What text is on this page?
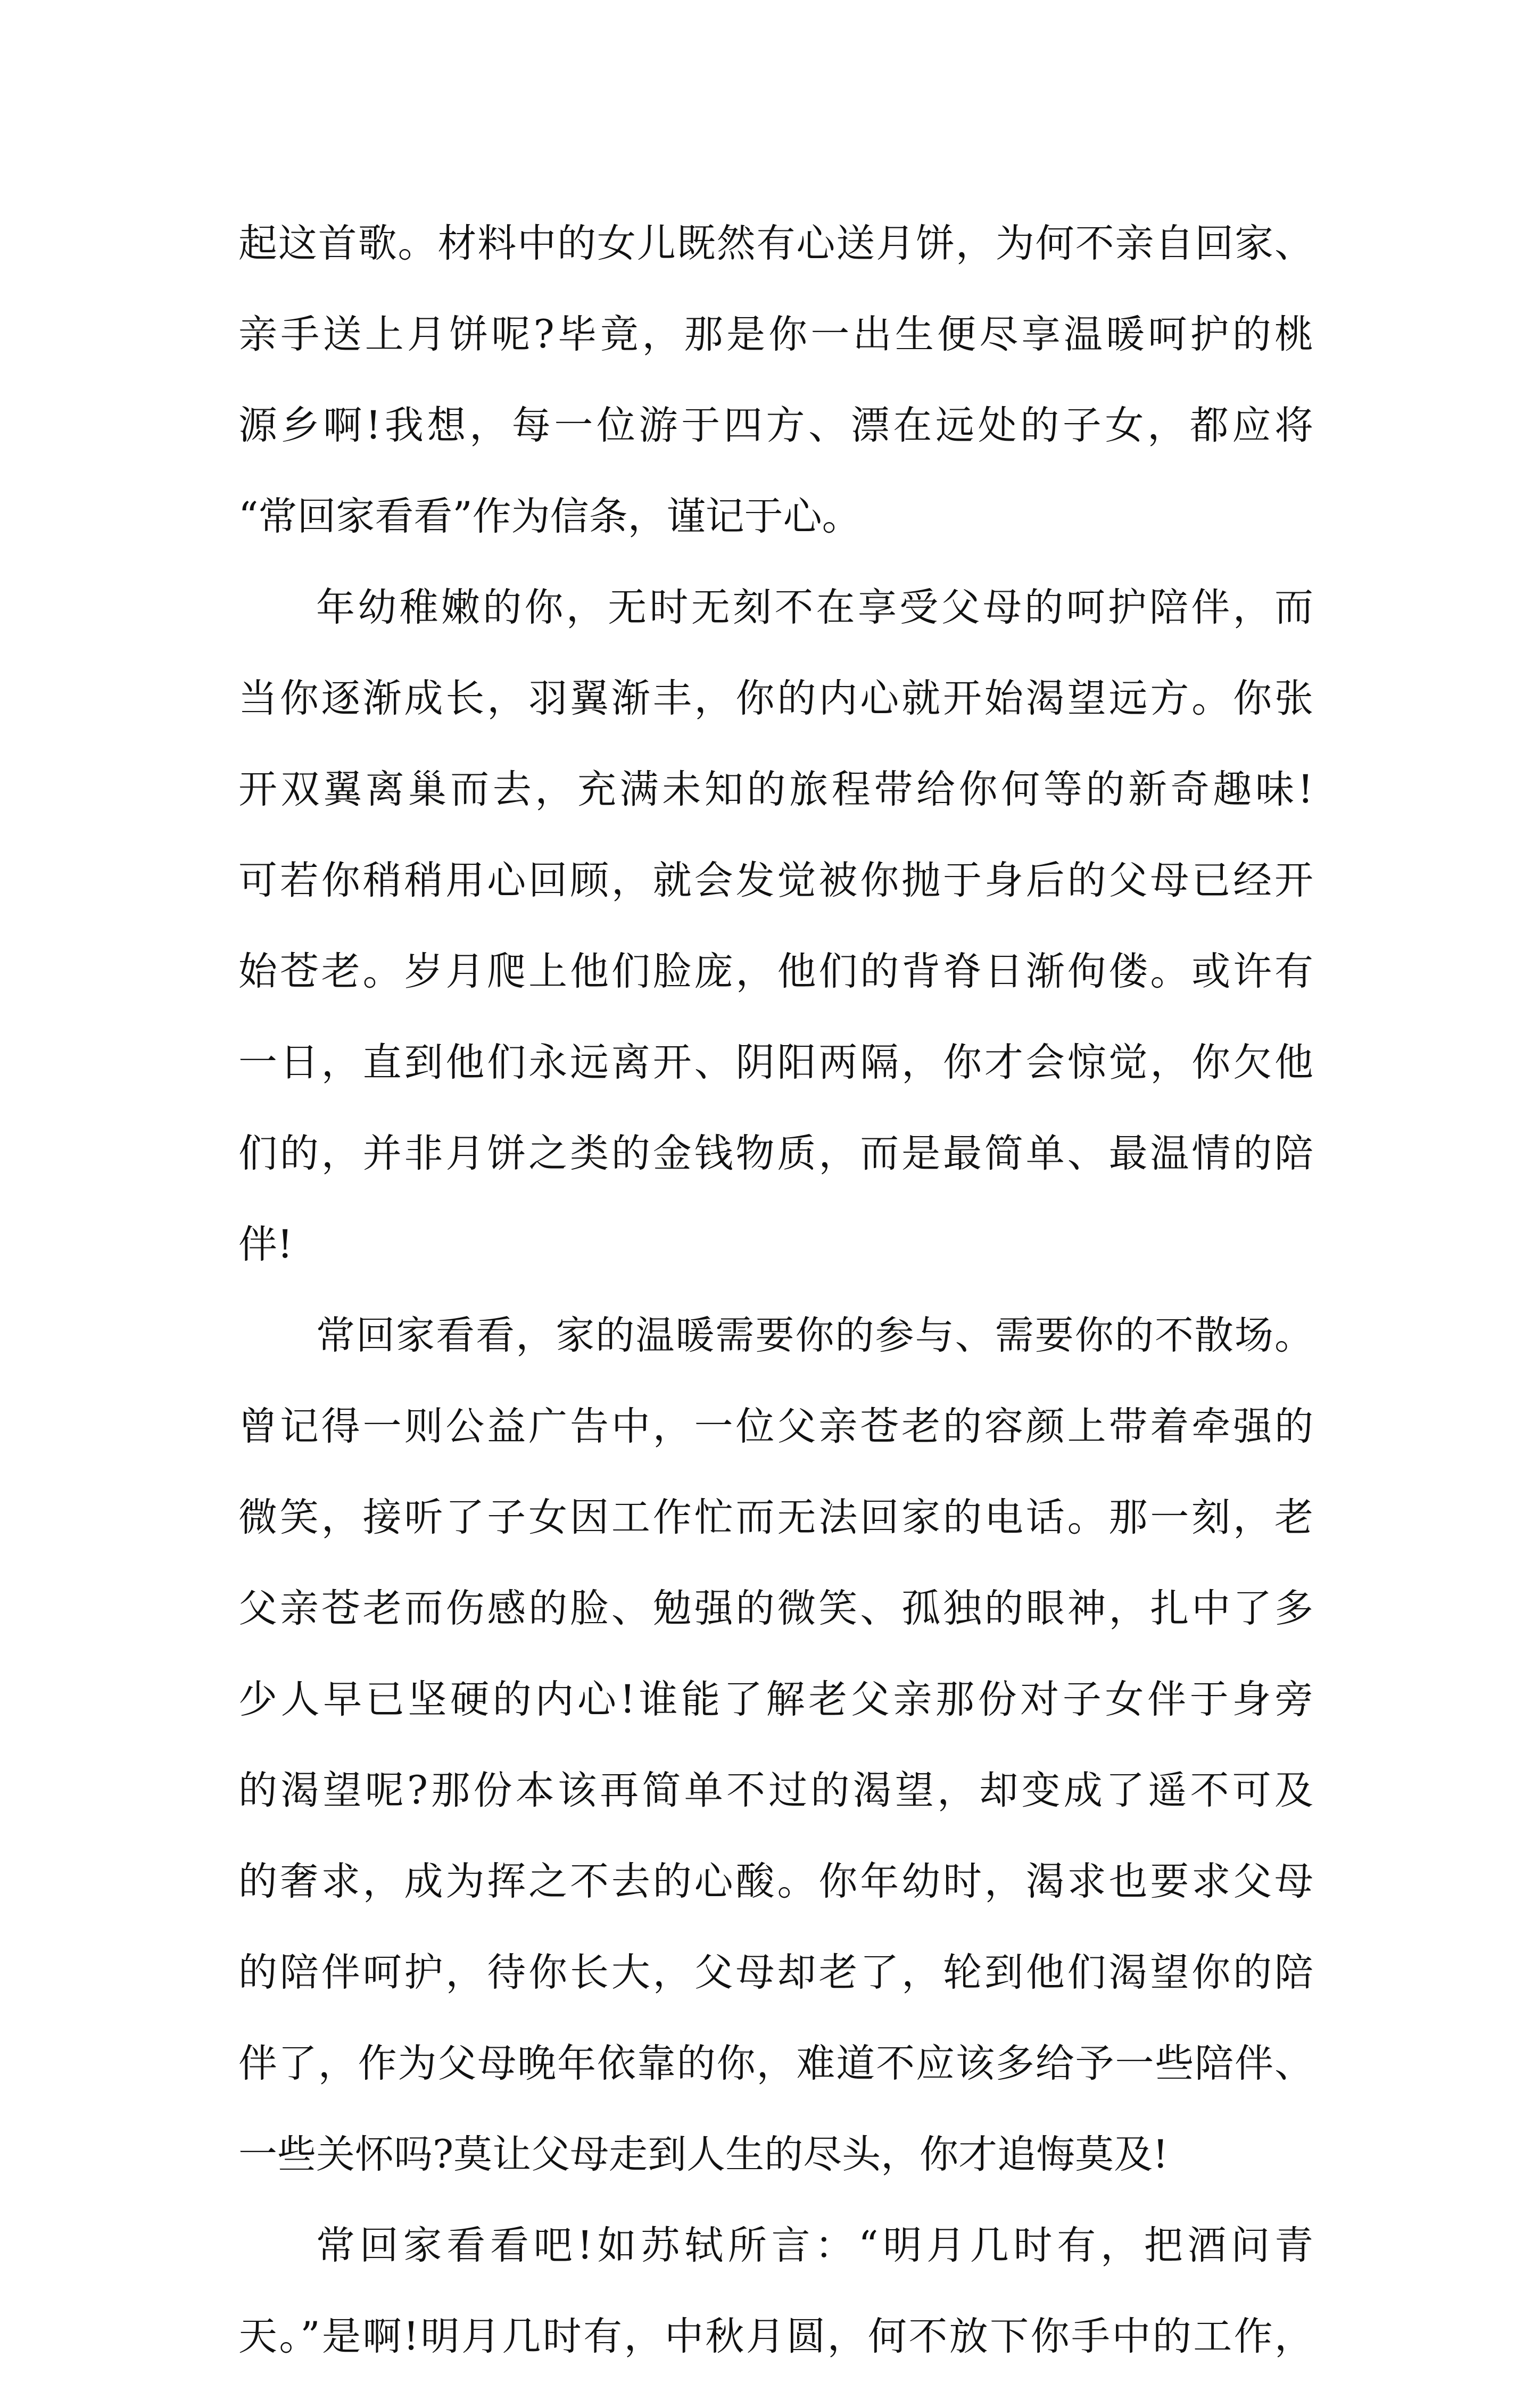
起这首歌。材料中的女儿既然有心送月饼，为何不亲自回家、
亲手送上月饼呢?毕竟，那是你一出生便尽享温暖呵护的桃
源乡啊!我想，每一位游于四方、漂在远处的子女，都应将
“常回家看看”作为信条，谨记于心。
年幼稚嫩的你，无时无刻不在享受父母的呵护陪伴，而
当你逐渐成长，羽翼渐丰，你的内心就开始渴望远方。你张
开双翼离巢而去，充满未知的旅程带给你何等的新奇趣味!
可若你稍稍用心回顾，就会发觉被你抛于身后的父母已经开
始苍老。岁月爬上他们脸庞，他们的背脊日渐佝偻。或许有
一日，直到他们永远离开、阴阳两隔，你才会惊觉，你欠他
们的，并非月饼之类的金钱物质，而是最简单、最温情的陪
伴!
常回家看看，家的温暖需要你的参与、需要你的不散场。
曾记得一则公益广告中，一位父亲苍老的容颜上带着牵强的
微笑，接听了子女因工作忙而无法回家的电话。那一刻，老
父亲苍老而伤感的脸、勉强的微笑、孤独的眼神，扎中了多
少人早已坚硬的内心!谁能了解老父亲那份对子女伴于身旁
的渴望呢?那份本该再简单不过的渴望，却变成了遥不可及
的奢求，成为挥之不去的心酸。你年幼时，渴求也要求父母
的陪伴呵护，待你长大，父母却老了，轮到他们渴望你的陪
伴了，作为父母晚年依靠的你，难道不应该多给予一些陪伴、
一些关怀吗?莫让父母走到人生的尽头，你才追悔莫及!
常回家看看吧!如苏轼所言：“明月几时有，把酒问青
天。”是啊!明月几时有，中秋月圆，何不放下你手中的工作，
